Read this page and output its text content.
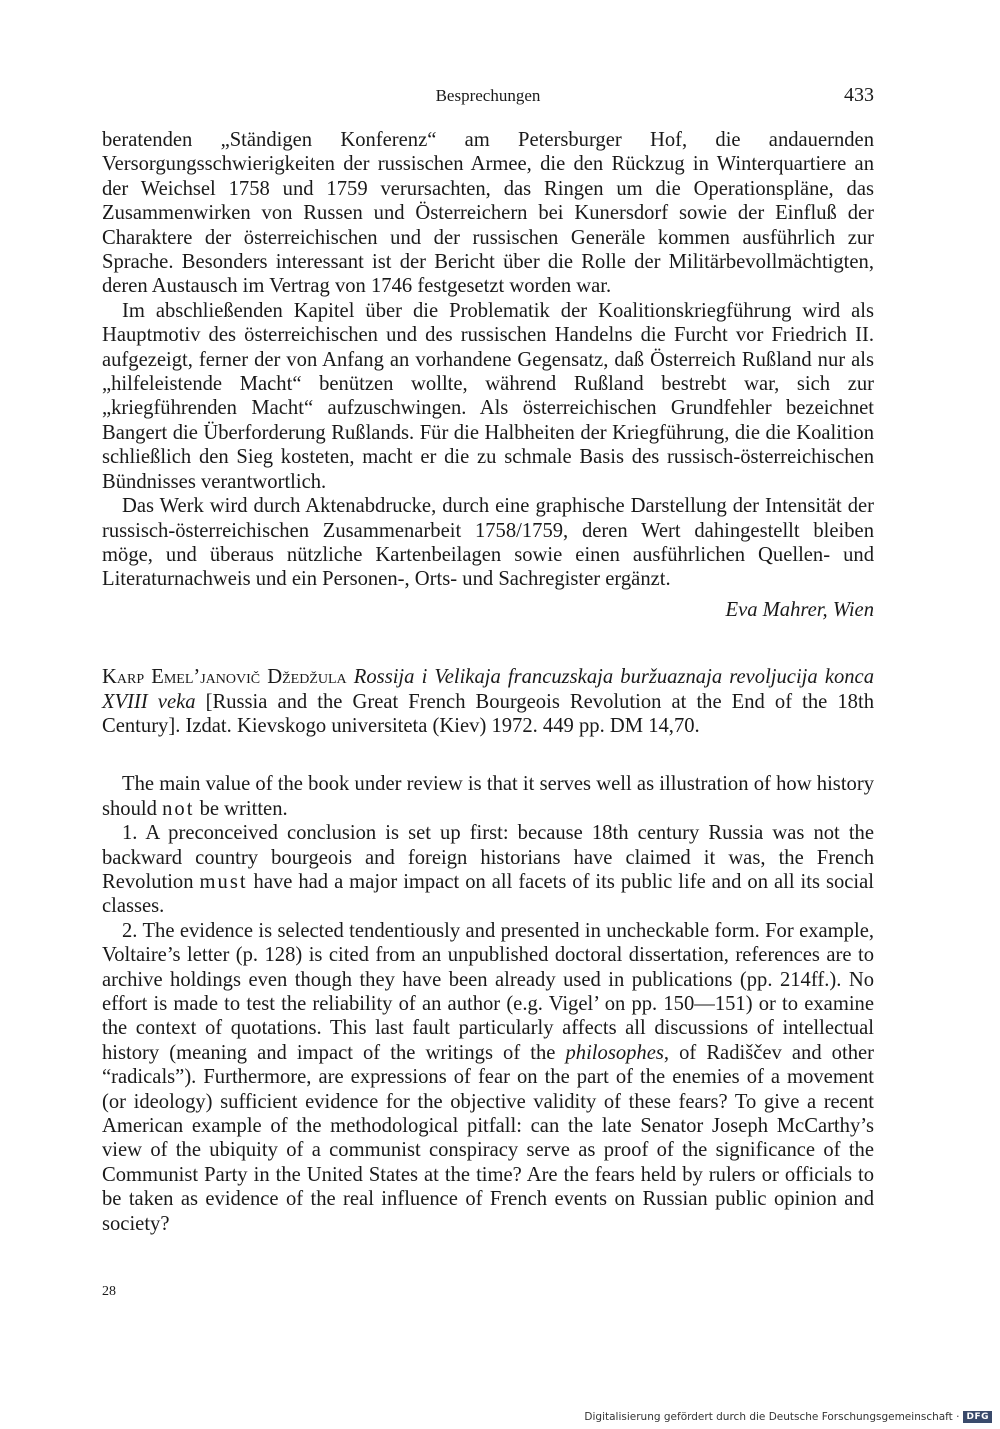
Besprechungen	433

beratenden „Ständigen Konferenz“ am Petersburger Hof, die andauernden Versorgungsschwierigkeiten der russischen Armee, die den Rückzug in Winterquartiere an der Weichsel 1758 und 1759 verursachten, das Ringen um die Operationspläne, das Zusammenwirken von Russen und Österreichern bei Kunersdorf sowie der Einfluß der Charaktere der österreichischen und der russischen Generäle kommen ausführlich zur Sprache. Besonders interessant ist der Bericht über die Rolle der Militärbevollmächtigten, deren Austausch im Vertrag von 1746 festgesetzt worden war.

Im abschließenden Kapitel über die Problematik der Koalitionskriegführung wird als Hauptmotiv des österreichischen und des russischen Handelns die Furcht vor Friedrich II. aufgezeigt, ferner der von Anfang an vorhandene Gegensatz, daß Österreich Rußland nur als „hilfeleistende Macht“ benützen wollte, während Rußland bestrebt war, sich zur „kriegführenden Macht“ aufzuschwingen. Als österreichischen Grundfehler bezeichnet Bangert die Überforderung Rußlands. Für die Halbheiten der Kriegführung, die die Koalition schließlich den Sieg kosteten, macht er die zu schmale Basis des russisch-österreichischen Bündnisses verantwortlich.

Das Werk wird durch Aktenabdrucke, durch eine graphische Darstellung der Intensität der russisch-österreichischen Zusammenarbeit 1758/1759, deren Wert dahingestellt bleiben möge, und überaus nützliche Kartenbeilagen sowie einen ausführlichen Quellen- und Literaturnachweis und ein Personen-, Orts- und Sachregister ergänzt.

Eva Mahrer, Wien

Karp Emel’janovič Džedžula Rossija i Velikaja francuzskaja buržuaznaja revoljucija konca XVIII veka [Russia and the Great French Bourgeois Revolution at the End of the 18th Century]. Izdat. Kievskogo universiteta (Kiev) 1972. 449 pp. DM 14,70.

The main value of the book under review is that it serves well as illustration of how history should not be written.

1. A preconceived conclusion is set up first: because 18th century Russia was not the backward country bourgeois and foreign historians have claimed it was, the French Revolution must have had a major impact on all facets of its public life and on all its social classes.

2. The evidence is selected tendentiously and presented in uncheckable form. For example, Voltaire’s letter (p. 128) is cited from an unpublished doctoral dissertation, references are to archive holdings even though they have been already used in publications (pp. 214ff.). No effort is made to test the reliability of an author (e.g. Vigel’ on pp. 150—151) or to examine the context of quotations. This last fault particularly affects all discussions of intellectual history (meaning and impact of the writings of the philosophes, of Radiščev and other “radicals”). Furthermore, are expressions of fear on the part of the enemies of a movement (or ideology) sufficient evidence for the objective validity of these fears? To give a recent American example of the methodological pitfall: can the late Senator Joseph McCarthy’s view of the ubiquity of a communist conspiracy serve as proof of the significance of the Communist Party in the United States at the time? Are the fears held by rulers or officials to be taken as evidence of the real influence of French events on Russian public opinion and society?

28
Digitalisierung gefördert durch die Deutsche Forschungsgemeinschaft · DFG
